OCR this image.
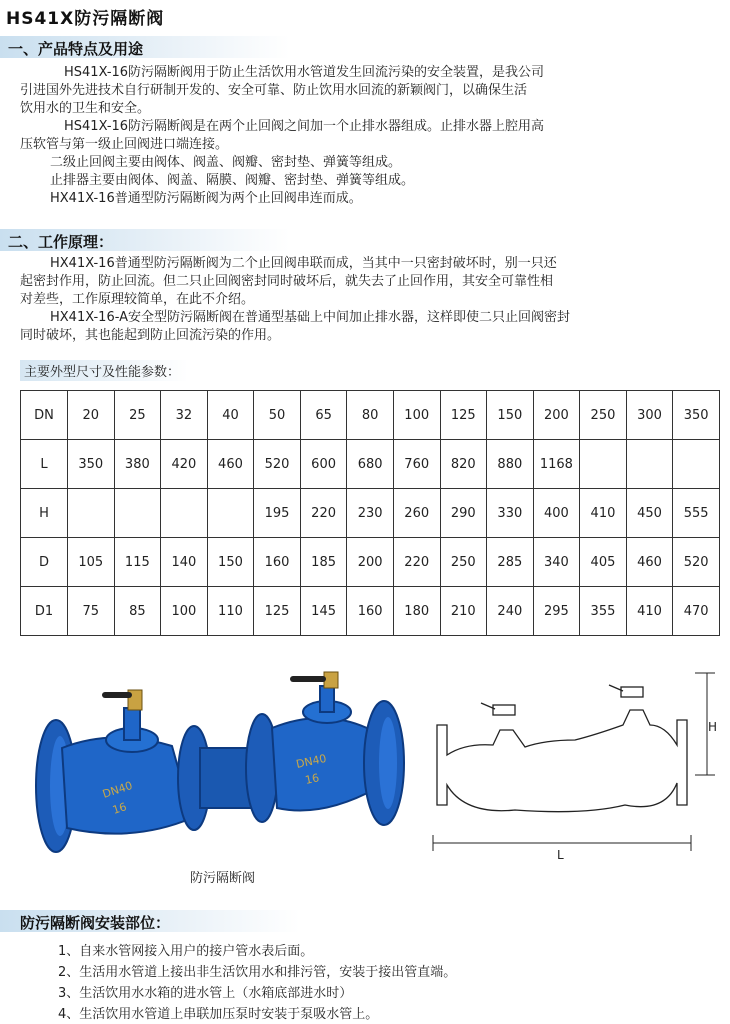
HS41X防污隔断阀
一、产品特点及用途

HS41X-16防污隔断阀用于防止生活饮用水管道发生回流污染的安全装置，是我公司

引进国外先进技术自行研制开发的、安全可靠、防止饮用水回流的新颖阀门，以确保生活

饮用水的卫生和安全。

HS41X-16防污隔断阀是在两个止回阀之间加一个止排水器组成。止排水器上腔用高

压软管与第一级止回阀进口端连接。

二级止回阀主要由阀体、阀盖、阀瓣、密封垫、弹簧等组成。

止排器主要由阀体、阀盖、隔膜、阀瓣、密封垫、弹簧等组成。

HX41X-16普通型防污隔断阀为两个止回阀串连而成。

二、工作原理：

HX41X-16普通型防污隔断阀为二个止回阀串联而成，当其中一只密封破坏时，别一只还

起密封作用，防止回流。但二只止回阀密封同时破坏后，就失去了止回作用，其安全可靠性相

对差些，工作原理较简单，在此不介绍。

HX41X-16-A安全型防污隔断阀在普通型基础上中间加止排水器，这样即使二只止回阀密封

同时破坏，其也能起到防止回流污染的作用。

主要外型尺寸及性能参数：
DN	20	25	32	40	50	65	80	100	125	150	200	250	300	350
L	350	380	420	460	520	600	680	760	820	880	1168			
H					195	220	230	260	290	330	400	410	450	555
D	105	115	140	150	160	185	200	220	250	285	340	405	460	520
D1	75	85	100	110	125	145	160	180	210	240	295	355	410	470
DN40
16
DN40
16
防污隔断阀
H
L
防污隔断阀安装部位：
1、自来水管网接入用户的接户管水表后面。
2、生活用水管道上接出非生活饮用水和排污管，安装于接出管直端。
3、生活饮用水水箱的进水管上（水箱底部进水时）
4、生活饮用水管道上串联加压泵时安装于泵吸水管上。
